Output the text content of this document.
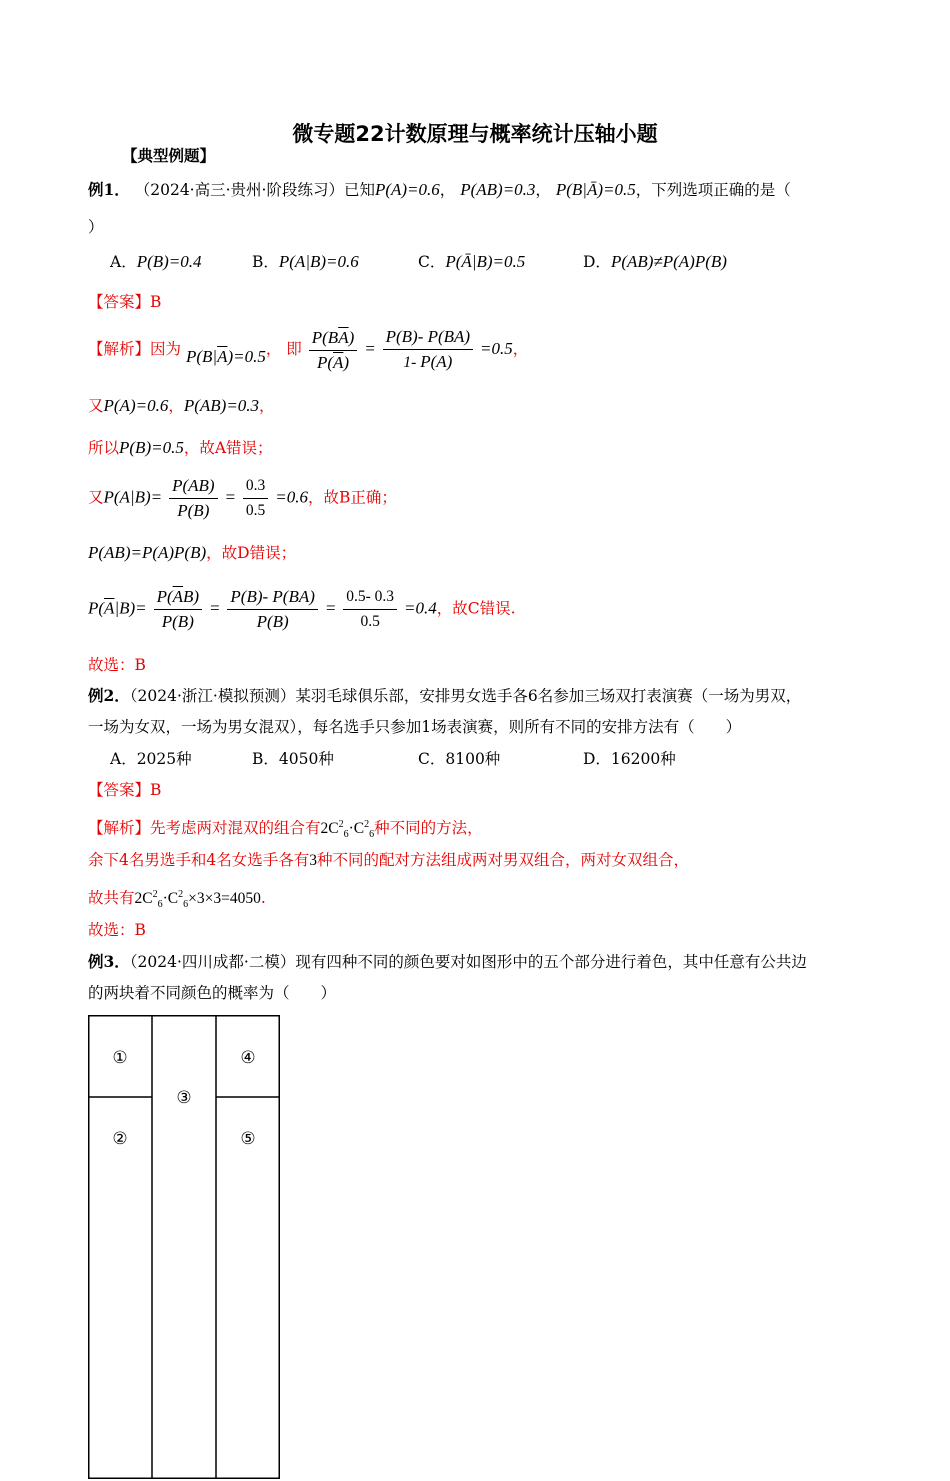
微专题22计数原理与概率统计压轴小题
【典型例题】
例1． （2024·高三·贵州·阶段练习）已知P(A)=0.6， P(AB)=0.3， P(B|Ā)=0.5，下列选项正确的是（
）
A．P(B)=0.4	B．P(A|B)=0.6	C．P(Ā|B)=0.5	D．P(AB)≠P(A)P(B)
【答案】B
【解析】因为 $P(B|\overline{A})=0.5$， 即 $\frac{P(B\overline{A})}{P(\overline{A})} = \frac{P(B)- P(BA)}{1- P(A)} =0.5$，
又P(A)=0.6，P(AB)=0.3，
所以P(B)=0.5，故A错误；
又$P(A|B)= \frac{P(AB)}{P(B)} = \frac{0.3}{0.5} =0.6$，故B正确；
P(AB)=P(A)P(B)，故D错误；
$P(\overline{A}|B)= \frac{P(\overline{A}B)}{P(B)} = \frac{P(B)- P(BA)}{P(B)} = \frac{0.5- 0.3}{0.5} =0.4$，故C错误.
故选：B
例2．（2024·浙江·模拟预测）某羽毛球俱乐部，安排男女选手各6名参加三场双打表演赛（一场为男双，
一场为女双，一场为男女混双），每名选手只参加1场表演赛，则所有不同的安排方法有（　　）
A．2025种	B．4050种	C．8100种	D．16200种
【答案】B
【解析】先考虑两对混双的组合有$2C^2_6\cdot C^2_6$种不同的方法，
余下4名男选手和4名女选手各有3种不同的配对方法组成两对男双组合，两对女双组合，
故共有$2C^2_6\cdot C^2_6\times 3\times 3=4050$.
故选：B
例3．（2024·四川成都·二模）现有四种不同的颜色要对如图形中的五个部分进行着色，其中任意有公共边
的两块着不同颜色的概率为（　　）
①
②
③
④
⑤
